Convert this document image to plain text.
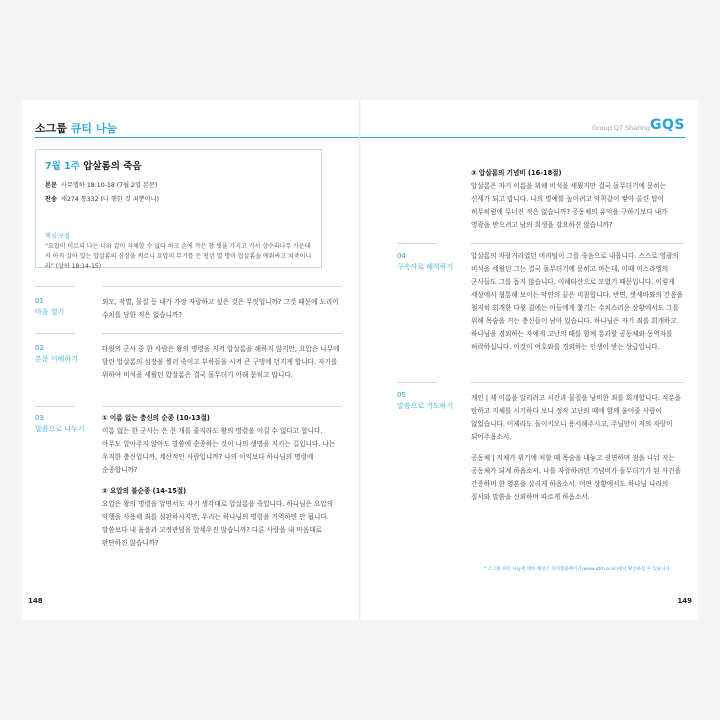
소그룹 큐티 나눔
7월 1주 압살롬의 죽음
본문 사무엘하 18:10-18 (7월 2일 본문)
찬송 새274 통332 (나 행한 것 죄뿐이니)
핵심 구절
“요압이 이르되 나는 너와 같이 지체할 수 없다 하고 손에 작은 창 셋을 가지고 가서 상수리나무 가운데서 아직 살아 있는 압살롬의 심장을 찌르니 요압의 무기를 든 청년 열 명이 압살롬을 에워싸고 쳐죽이니라” (삼하 18:14-15)
01
마음 열기
외모, 작별, 물질 등 내가 가장 자랑하고 싶은 것은 무엇입니까? 그것 때문에 도리어 수치를 당한 적은 없습니까?
02
본문 이해하기
다윗의 군사 중 한 사람은 왕의 명령을 지켜 압살롬을 해하지 않지만, 요압은 나무에 달린 압살롬의 심장을 찔러 죽이고 부하들을 시켜 큰 구멍에 던지게 합니다. 자기를 위하여 비석을 세웠던 압살롬은 결국 돌무더기 아래 묻히고 맙니다.
03
말씀으로 나누기
① 이름 없는 충신의 순종 (10-13절)
이름 없는 한 군사는 은 천 개를 줄지라도 왕의 명령을 어길 수 없다고 합니다. 아무도 알아주지 않아도 말씀에 순종하는 것이 나의 생명을 지키는 길입니다. 나는 우직한 충신입니까, 계산적인 사람입니까? 나의 이익보다 하나님의 명령에 순종합니까?
② 요압의 불순종 (14-15절)
요압은 왕의 명령을 알면서도 자기 생각대로 압살롬을 죽입니다. 하나님은 요압의 악행을 사용해 죄를 심판하시지만, 우리는 하나님의 명령을 거역하면 안 됩니다. 말씀보다 내 율을과 고정관념을 앞세우진 않습니까? 다른 사람을 내 마음대로 판단하진 않습니까?
148
Group QT Sharing GQS
③ 압살롬의 기념비 (16-18절)
압살롬은 자기 이름을 위해 비석을 세웠지만 결국 돌무더기에 묻히는 신세가 되고 맙니다. 나의 명예를 높이려고 악착같이 쌓아 올린 탑이 허무히림에 무너진 적은 없습니까? 공동체의 유익을 구하기보다 내가 영광을 받으려고 남의 희생을 강요하진 않습니까?
04
구속사로 해석하기
압살롬의 자랑거리였던 머리털이 그를 죽음으로 내몹니다. 스스로 영광의 비석을 세웠던 그는 결국 돌무더기에 묻히고 마는데, 이때 이스라엘의 군사들도 그를 돕지 않습니다. 이해타산으로 모였기 때문입니다. 이렇게 세상에서 형통해 보이는 악인의 끝은 비참합니다. 반면, 밧세바와의 간음을 철저히 회개한 다윗 곁에는 아들에게 쫓기는 수치스러운 상황에서도 그를 위해 목숨을 거는 충신들이 남아 있습니다. 하나님은 자기 죄를 회개하고 하나님을 경외하는 자에게 고난의 때를 함께 통과할 공동체와 동역자를 허락하십니다. 이것이 여호와를 경외하는 인생이 받는 상급입니다.
05
말씀으로 기도하기
개인 | 제 이름을 알리려고 시간과 물질을 낭비한 죄를 회개합니다. 직분을 탐하고 지체를 시기하다 보니 정작 고난의 때에 함께 울어줄 사람이 없었습니다. 이제라도 돌이키오니 용서해주시고, 주님만이 저의 자랑이 되어주옵소서.
공동체 | 지체가 위기에 처할 때 목숨을 내놓고 권면하며 짐을 나눠 지는 공동체가 되게 하옵소서. 나를 자랑하려던 기념비가 돌무더기가 된 사건을 간증하며 한 영혼을 살리게 하옵소서. 어떤 상황에서도 하나님 나라의 질서와 말씀을 신뢰하며 따르게 하옵소서.
* 소그룹 큐티 나눔에 대한 해설은 큐티엠홈페이지(www.qtm.or.kr)에서 확인하실 수 있습니다.
149
